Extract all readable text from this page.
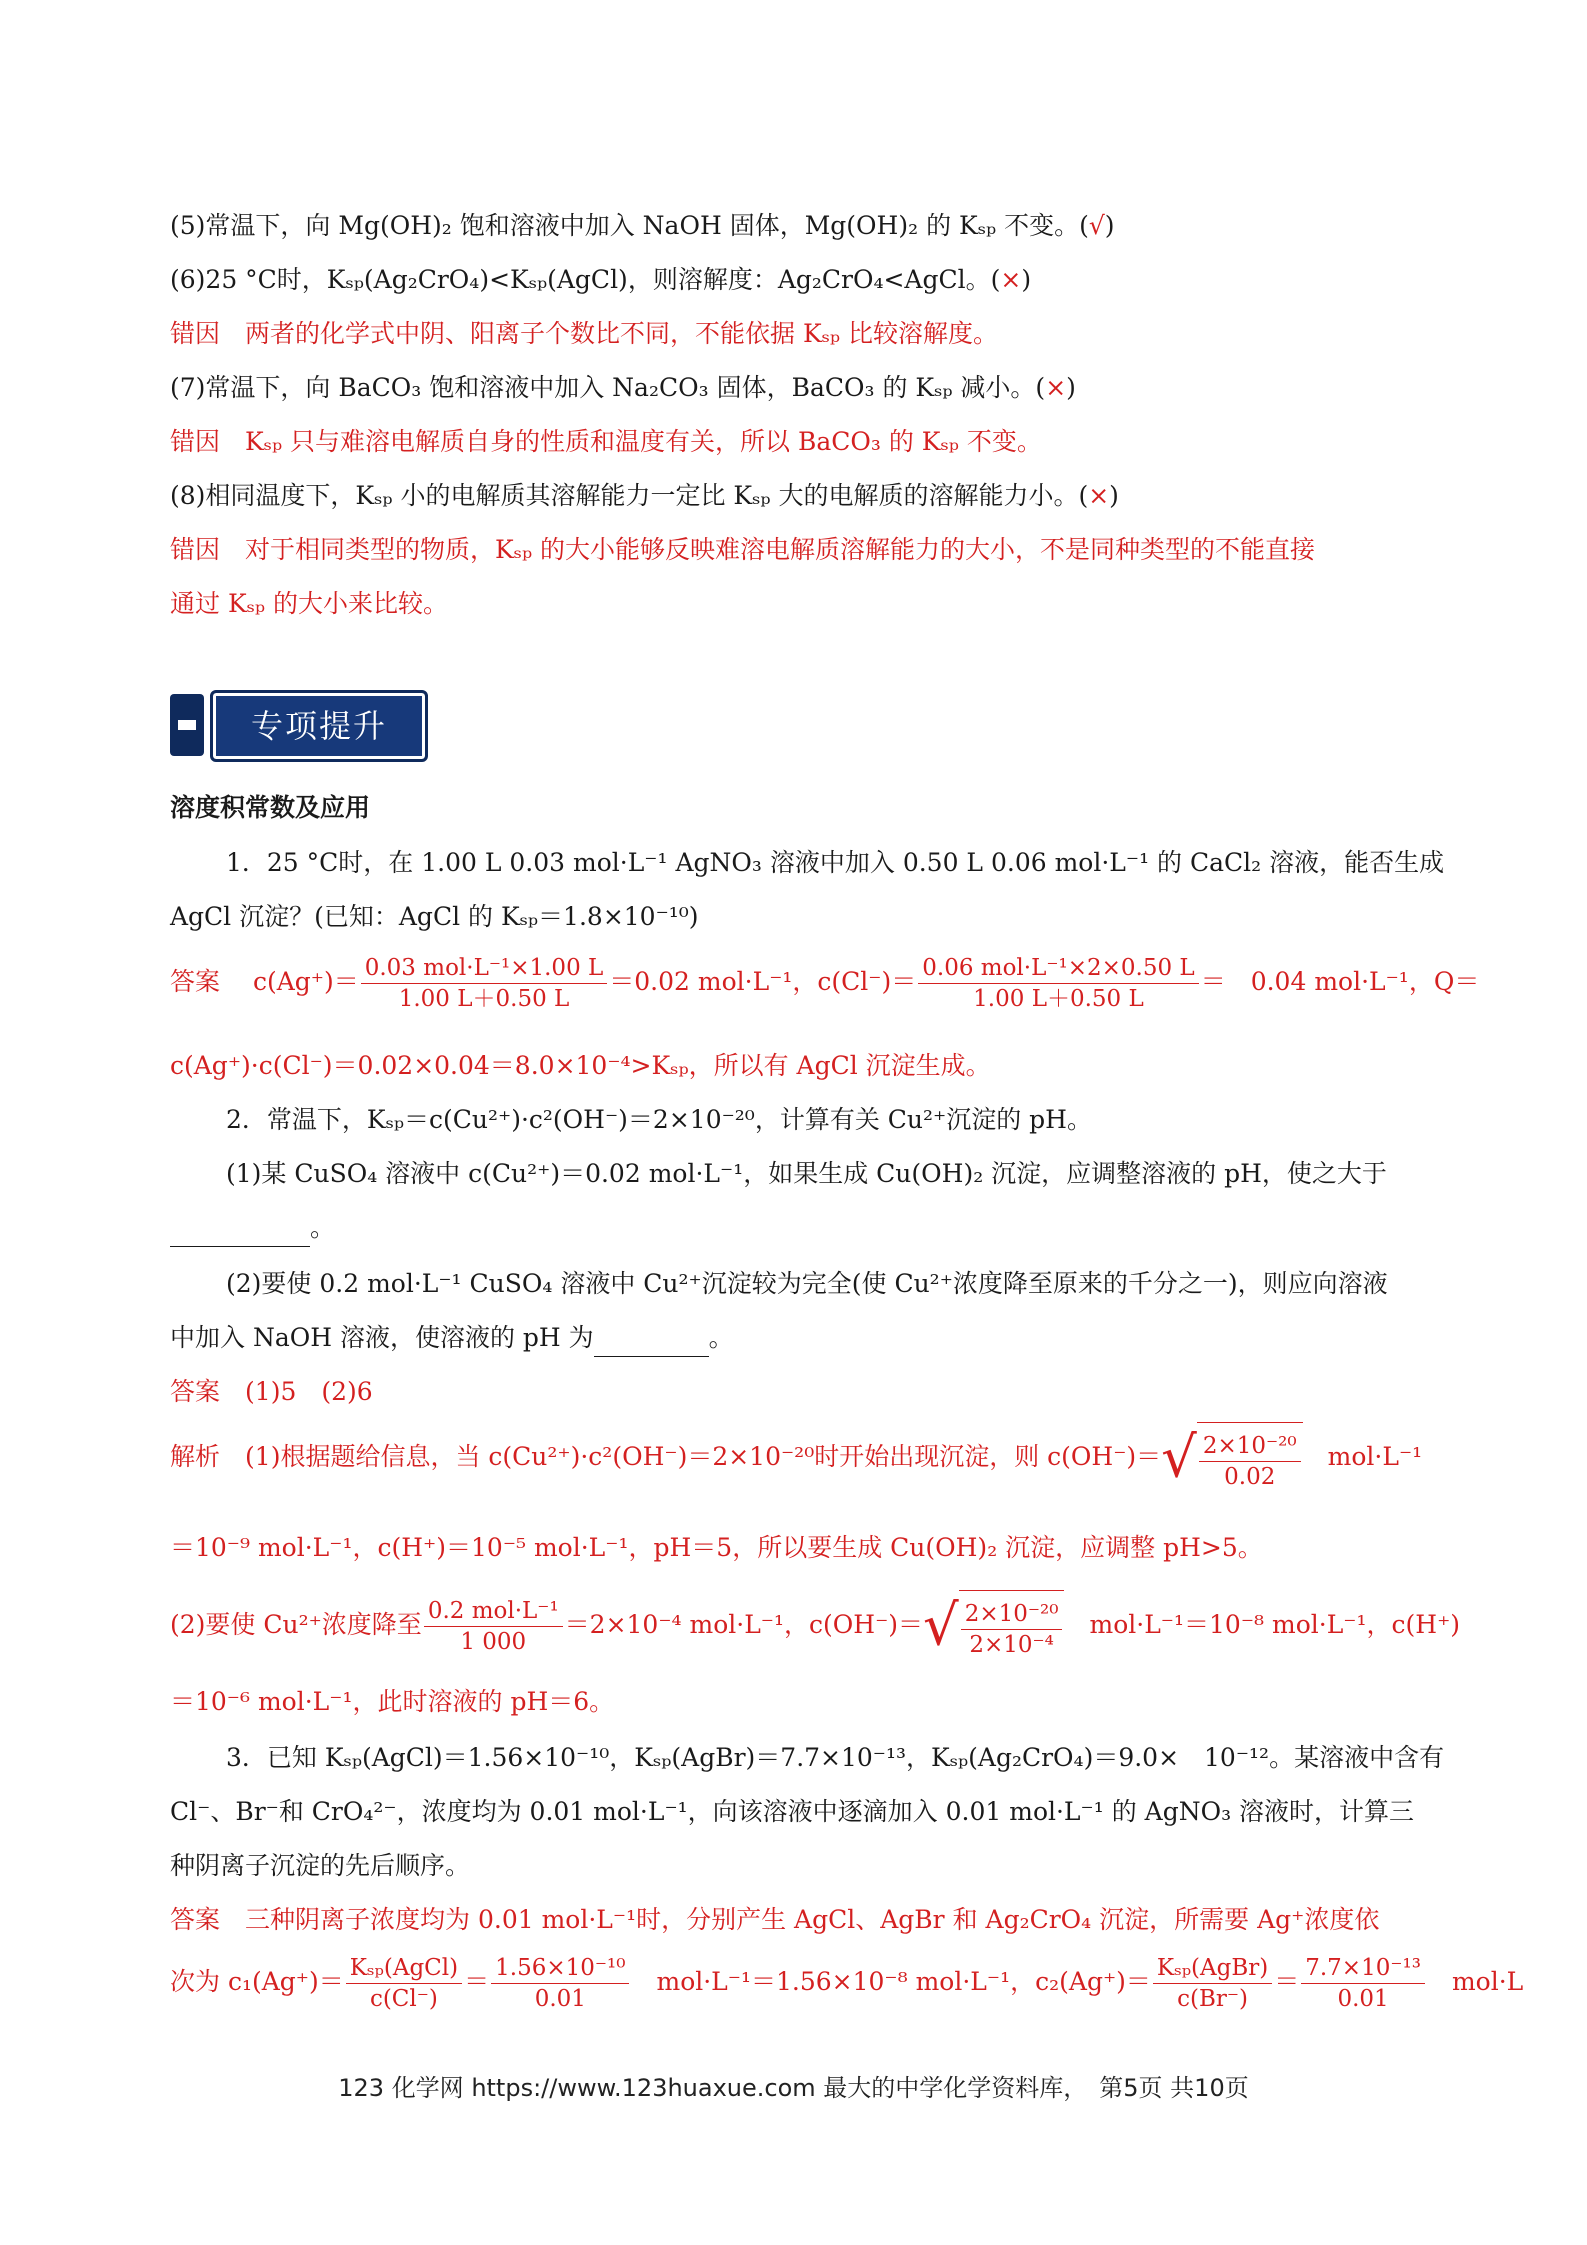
(5)常温下，向 Mg(OH)₂ 饱和溶液中加入 NaOH 固体，Mg(OH)₂ 的 Kₛₚ 不变。(√)
(6)25 °C时，Kₛₚ(Ag₂CrO₄)<Kₛₚ(AgCl)，则溶解度：Ag₂CrO₄<AgCl。(×)
错因　两者的化学式中阴、阳离子个数比不同，不能依据 Kₛₚ 比较溶解度。
(7)常温下，向 BaCO₃ 饱和溶液中加入 Na₂CO₃ 固体，BaCO₃ 的 Kₛₚ 减小。(×)
错因　Kₛₚ 只与难溶电解质自身的性质和温度有关，所以 BaCO₃ 的 Kₛₚ 不变。
(8)相同温度下，Kₛₚ 小的电解质其溶解能力一定比 Kₛₚ 大的电解质的溶解能力小。(×)
错因　对于相同类型的物质，Kₛₚ 的大小能够反映难溶电解质溶解能力的大小，不是同种类型的不能直接
通过 Kₛₚ 的大小来比较。
专项提升
溶度积常数及应用
1．25 °C时，在 1.00 L 0.03 mol·L⁻¹ AgNO₃ 溶液中加入 0.50 L 0.06 mol·L⁻¹ 的 CaCl₂ 溶液，能否生成
AgCl 沉淀？(已知：AgCl 的 Kₛₚ＝1.8×10⁻¹⁰)
答案　 $c(Ag^+)= \frac{\text{0.03 mol·L⁻¹×1.00 L}}{1.00 L+0.50 L} =0.02$ mol·L⁻¹，$c(Cl^-)= \frac{\text{0.06 mol·L⁻¹×2×0.50 L}}{1.00 L+0.50 L}$ ＝　0.04 mol·L⁻¹，Q＝
c(Ag⁺)·c(Cl⁻)＝0.02×0.04＝8.0×10⁻⁴>Kₛₚ，所以有 AgCl 沉淀生成。
2．常温下，Kₛₚ＝c(Cu²⁺)·c²(OH⁻)＝2×10⁻²⁰，计算有关 Cu²⁺沉淀的 pH。
(1)某 CuSO₄ 溶液中 c(Cu²⁺)＝0.02 mol·L⁻¹，如果生成 Cu(OH)₂ 沉淀，应调整溶液的 pH，使之大于
。
(2)要使 0.2 mol·L⁻¹ CuSO₄ 溶液中 Cu²⁺沉淀较为完全(使 Cu²⁺浓度降至原来的千分之一)，则应向溶液
中加入 NaOH 溶液，使溶液的 pH 为	。
答案　 (1)5　(2)6
解析　 (1)根据题给信息，当 c(Cu²⁺)·c²(OH⁻)＝2×10⁻²⁰时开始出现沉淀，则 $c(OH^-)=√ \frac{\text{2×10⁻²⁰}}{0.02}$
　 mol·L⁻¹
＝10⁻⁹ mol·L⁻¹，c(H⁺)＝10⁻⁵ mol·L⁻¹，pH＝5，所以要生成 Cu(OH)₂ 沉淀，应调整 pH>5。
(2)要使 Cu²⁺浓度降至 $\frac{\text{0.2 mol·L⁻¹}}{1 000} =2\times 10^{-4}$ mol·L⁻¹，$c(OH^-)=√ \frac{\text{2×10⁻²⁰}}{\text{2×10⁻⁴}}$
　 mol·L⁻¹＝10⁻⁸ mol·L⁻¹，c(H⁺)
＝10⁻⁶ mol·L⁻¹，此时溶液的 pH＝6。
3．已知 Kₛₚ(AgCl)＝1.56×10⁻¹⁰，Kₛₚ(AgBr)＝7.7×10⁻¹³，Kₛₚ(Ag₂CrO₄)＝9.0×　10⁻¹²。某溶液中含有
Cl⁻、Br⁻和 CrO₄²⁻，浓度均为 0.01 mol·L⁻¹，向该溶液中逐滴加入 0.01 mol·L⁻¹ 的 AgNO₃ 溶液时，计算三
种阴离子沉淀的先后顺序。
答案　 三种阴离子浓度均为 0.01 mol·L⁻¹时，分别产生 AgCl、AgBr 和 Ag₂CrO₄ 沉淀，所需要 Ag⁺浓度依
次为 $c_1(Ag^+)= \frac{\text{Kₛₚ(AgCl)}}{c(Cl^-)} = \frac{\text{1.56×10⁻¹⁰}}{0.01}$
　 mol·L⁻¹＝1.56×10⁻⁸ mol·L⁻¹，$c_2(Ag^+)= \frac{\text{Kₛₚ(AgBr)}}{c(Br^-)} = \frac{\text{7.7×10⁻¹³}}{0.01}$
　 mol·L
123 化学网 https://www.123huaxue.com 最大的中学化学资料库，　第5页 共10页
